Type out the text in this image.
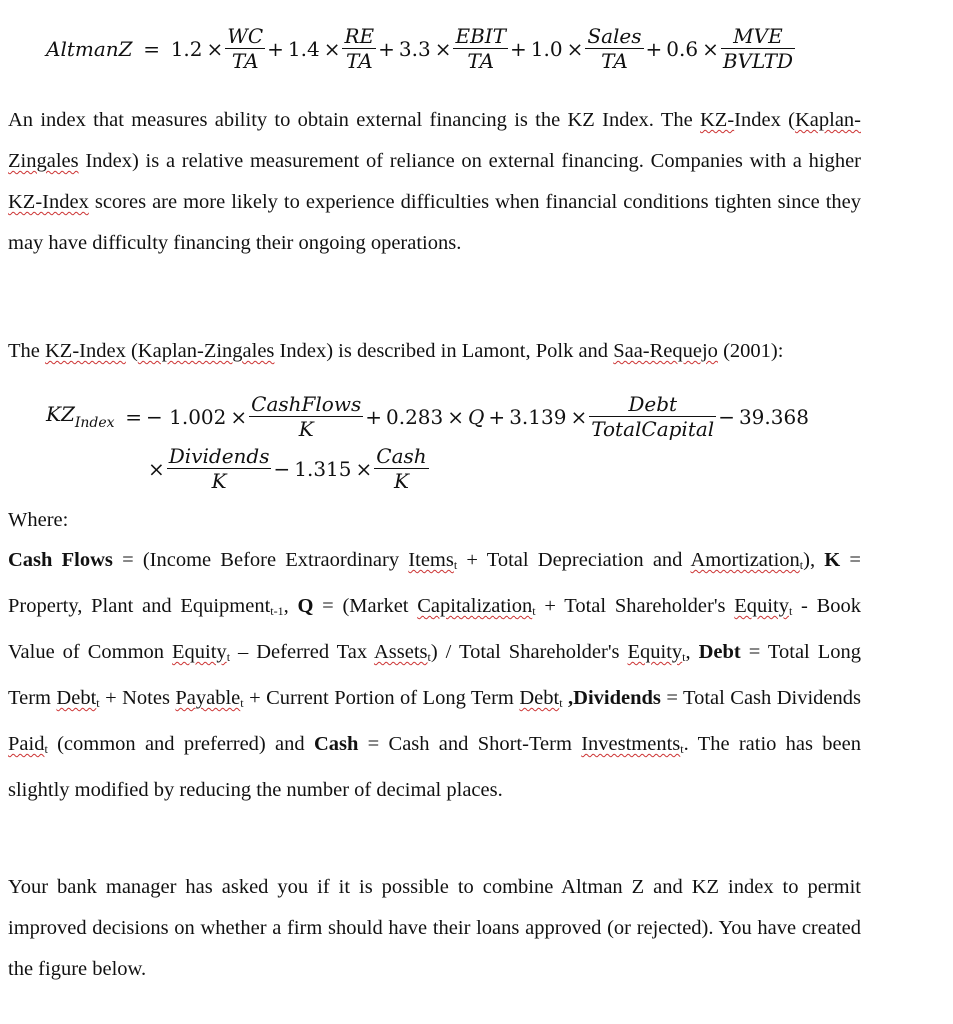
AltmanZ = $1.2 \times \frac{WC}{TA} + 1.4 \times \frac{RE}{TA} + 3.3 \times \frac{\text{EBIT}}{TA} + 1.0 \times \frac{\text{Sales}}{TA} + 0.6 \times \frac{\text{MVE}}{\text{BVLTD}}$

An index that measures ability to obtain external financing is the KZ Index. The KZ-Index (Kaplan-Zingales Index) is a relative measurement of reliance on external financing. Companies with a higher KZ-Index scores are more likely to experience difficulties when financial conditions tighten since they may have difficulty financing their ongoing operations.

The KZ-Index (Kaplan-Zingales Index) is described in Lamont, Polk and Saa-Requejo (2001):

$KZ_{Index}$ = − $1.002 \times \frac{\text{CashFlows}}{K} + 0.283 \times Q + 3.139 \times \frac{\text{Debt}}{\text{TotalCapital}} - 39.368$
× $\frac{\text{Dividends}}{K} - 1.315 \times \frac{\text{Cash}}{K}$

Where:

Cash Flows = (Income Before Extraordinary Items$_t$ + Total Depreciation and Amortization$_t$), K = Property, Plant and Equipment$_{t-1}$, Q = (Market Capitalization$_t$ + Total Shareholder's Equity$_t$ - Book Value of Common Equity$_t$ – Deferred Tax Assets$_t$) / Total Shareholder's Equity$_t$, Debt = Total Long Term Debt$_t$ + Notes Payable$_t$ + Current Portion of Long Term Debt$_t$ ,Dividends = Total Cash Dividends Paid$_t$ (common and preferred) and Cash = Cash and Short-Term Investments$_t$. The ratio has been slightly modified by reducing the number of decimal places.

Your bank manager has asked you if it is possible to combine Altman Z and KZ index to permit improved decisions on whether a firm should have their loans approved (or rejected). You have created the figure below.
